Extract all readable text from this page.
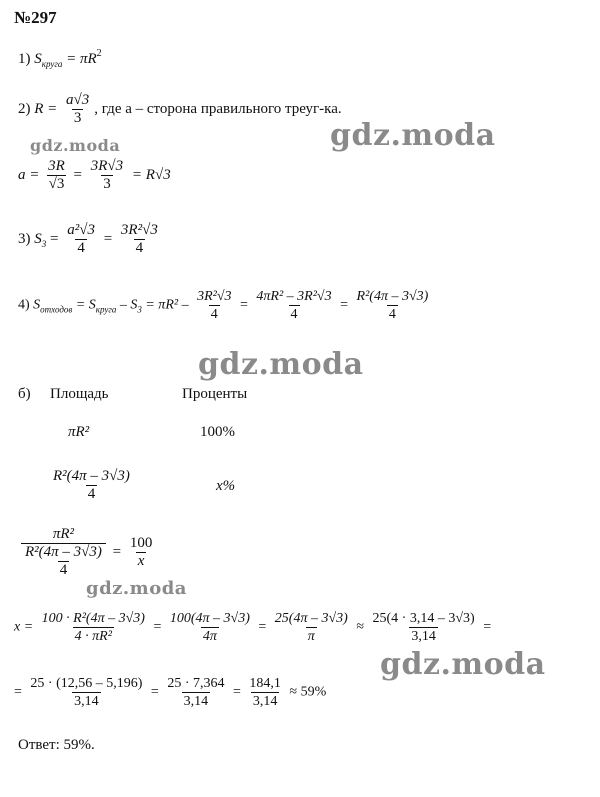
№297
gdz.moda
gdz.moda
gdz.moda
gdz.moda
gdz.moda
1) $S_{круга} = \pi R^2$
2) $R = \frac{a√3}{3}$ , где a – сторона правильного треуг-ка.
$a = \frac{3R}{√3} = \frac{3R√3}{3} = R√3$
3) $S_3 = \frac{\text{a²√3}}{4} = \frac{\text{3R²√3}}{4}$
4) $S_{отходов} = S_{круга} - S_3 = \pi R^2 - \frac{\text{3R²√3}}{4} = \frac{\text{4πR² – 3R²√3}}{4} = \frac{\text{R²(4π – 3√3)}}{4}$
б) Площадь	Проценты
πR²	100%
$\frac{\text{R²(4π – 3√3)}}{4}$	x%
$\frac{\text{πR²}}{\frac{\text{R²(4π – 3√3)}}{4}} = \frac{100}{x}$
$x = \frac{\text{100 · R²(4π – 3√3)}}{\text{4 · πR²}} = \frac{100(4\pi - 3√3)}{4\pi} = \frac{25(4\pi - 3√3)}{\pi} \approx \frac{25(4 \cdot 3,14 - 3√3)}{3,14}$ =
= $\frac{25 \cdot (12,56 - 5,196)}{3,14} = \frac{25 \cdot 7,364}{3,14} = \frac{184,1}{3,14} \approx 59\%$
Ответ: 59%.
